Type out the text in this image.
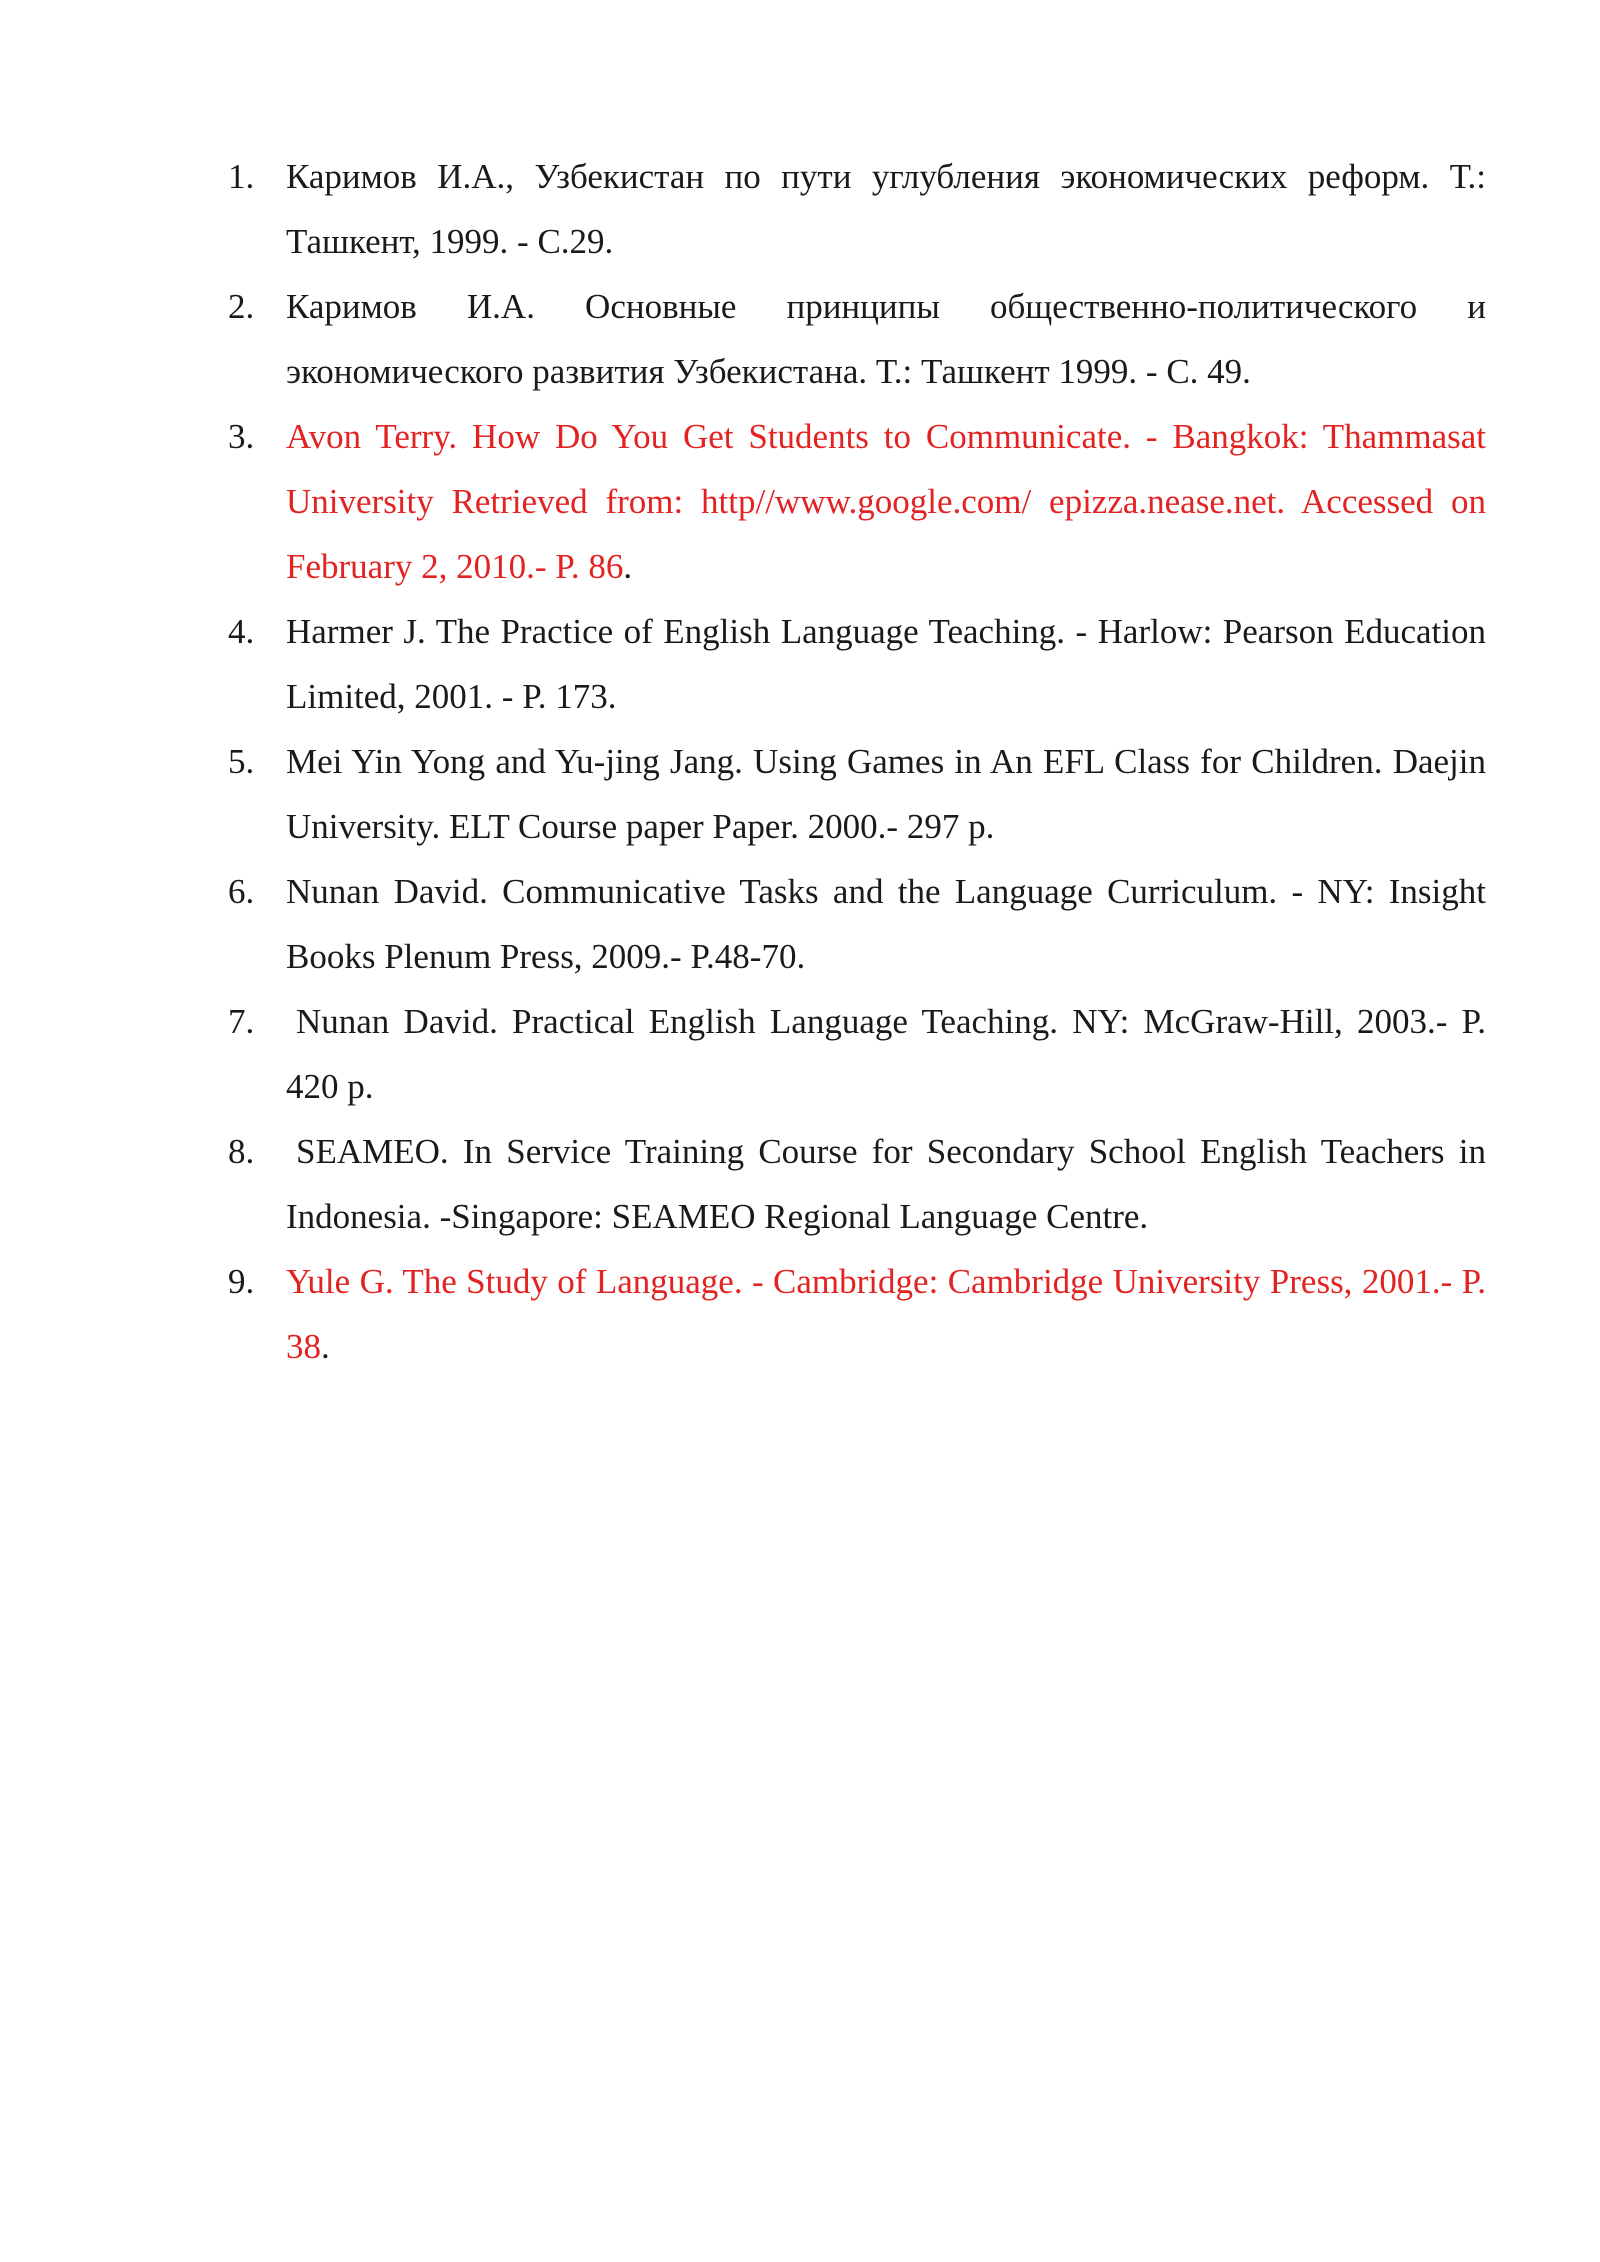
1. Каримов И.А., Узбекистан по пути углубления экономических реформ. Т.: Ташкент, 1999. - С.29.
2. Каримов И.А. Основные принципы общественно-политического и экономического развития Узбекистана. Т.: Ташкент 1999. - С. 49.
3. Avon Terry. How Do You Get Students to Communicate. - Bangkok: Thammasat University Retrieved from: http//www.google.com/ epizza.nease.net. Accessed on February 2, 2010.- P. 86.
4. Harmer J. The Practice of English Language Teaching. - Harlow: Pearson Education Limited, 2001. - P. 173.
5. Mei Yin Yong and Yu-jing Jang. Using Games in An EFL Class for Children. Daejin University. ELT Course paper Paper. 2000.- 297 p.
6. Nunan David. Communicative Tasks and the Language Curriculum. - NY: Insight Books Plenum Press, 2009.- P.48-70.
7.	Nunan David. Practical English Language Teaching. NY: McGraw-Hill, 2003.- P. 420 p.
8.	SEAMEO. In Service Training Course for Secondary School English Teachers in Indonesia. -Singapore: SEAMEO Regional Language Centre.
9. Yule G. The Study of Language. - Cambridge: Cambridge University Press, 2001.- P. 38.
